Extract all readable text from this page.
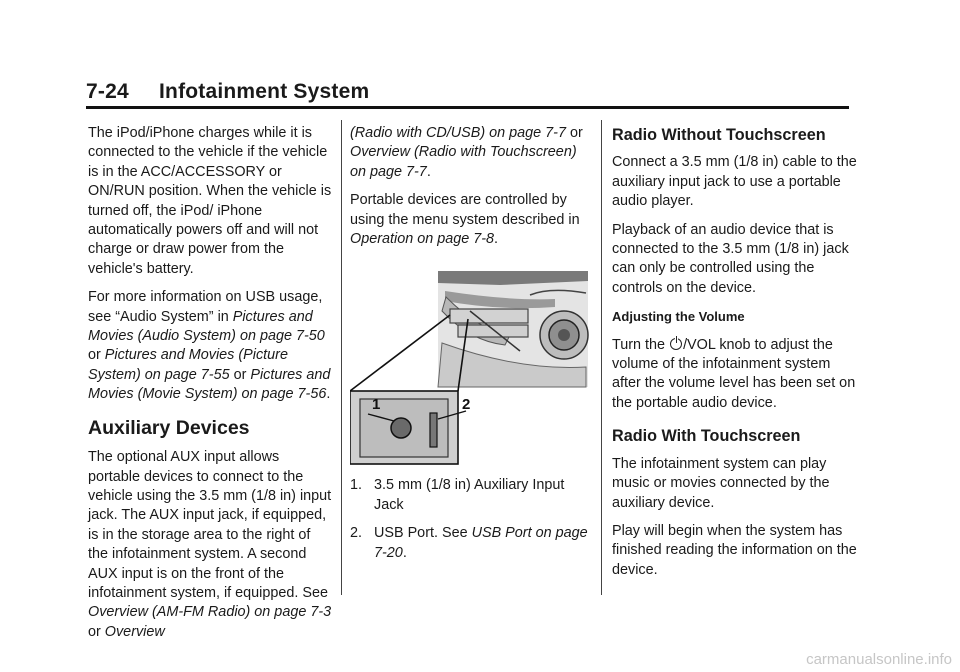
7-24     Infotainment System

The iPod/iPhone charges while it is connected to the vehicle if the vehicle is in the ACC/ACCESSORY or ON/RUN position. When the vehicle is turned off, the iPod/ iPhone automatically powers off and will not charge or draw power from the vehicle's battery.

For more information on USB usage, see “Audio System” in Pictures and Movies (Audio System) on page 7-50 or Pictures and Movies (Picture System) on page 7-55 or Pictures and Movies (Movie System) on page 7-56.

Auxiliary Devices

The optional AUX input allows portable devices to connect to the vehicle using the 3.5 mm (1/8 in) input jack. The AUX input jack, if equipped, is in the storage area to the right of the infotainment system. A second AUX input is on the front of the infotainment system, if equipped. See Overview (AM-FM Radio) on page 7-3 or Overview

(Radio with CD/USB) on page 7-7 or Overview (Radio with Touchscreen) on page 7-7.

Portable devices are controlled by using the menu system described in Operation on page 7-8.

1	2
1. 3.5 mm (1/8 in) Auxiliary Input Jack
2. USB Port. See USB Port on page 7-20.
Radio Without Touchscreen

Connect a 3.5 mm (1/8 in) cable to the auxiliary input jack to use a portable audio player.

Playback of an audio device that is connected to the 3.5 mm (1/8 in) jack can only be controlled using the controls on the device.

Adjusting the Volume

Turn the /VOL knob to adjust the volume of the infotainment system after the volume level has been set on the portable audio device.

Radio With Touchscreen

The infotainment system can play music or movies connected by the auxiliary device.

Play will begin when the system has finished reading the information on the device.

carmanualsonline.info
